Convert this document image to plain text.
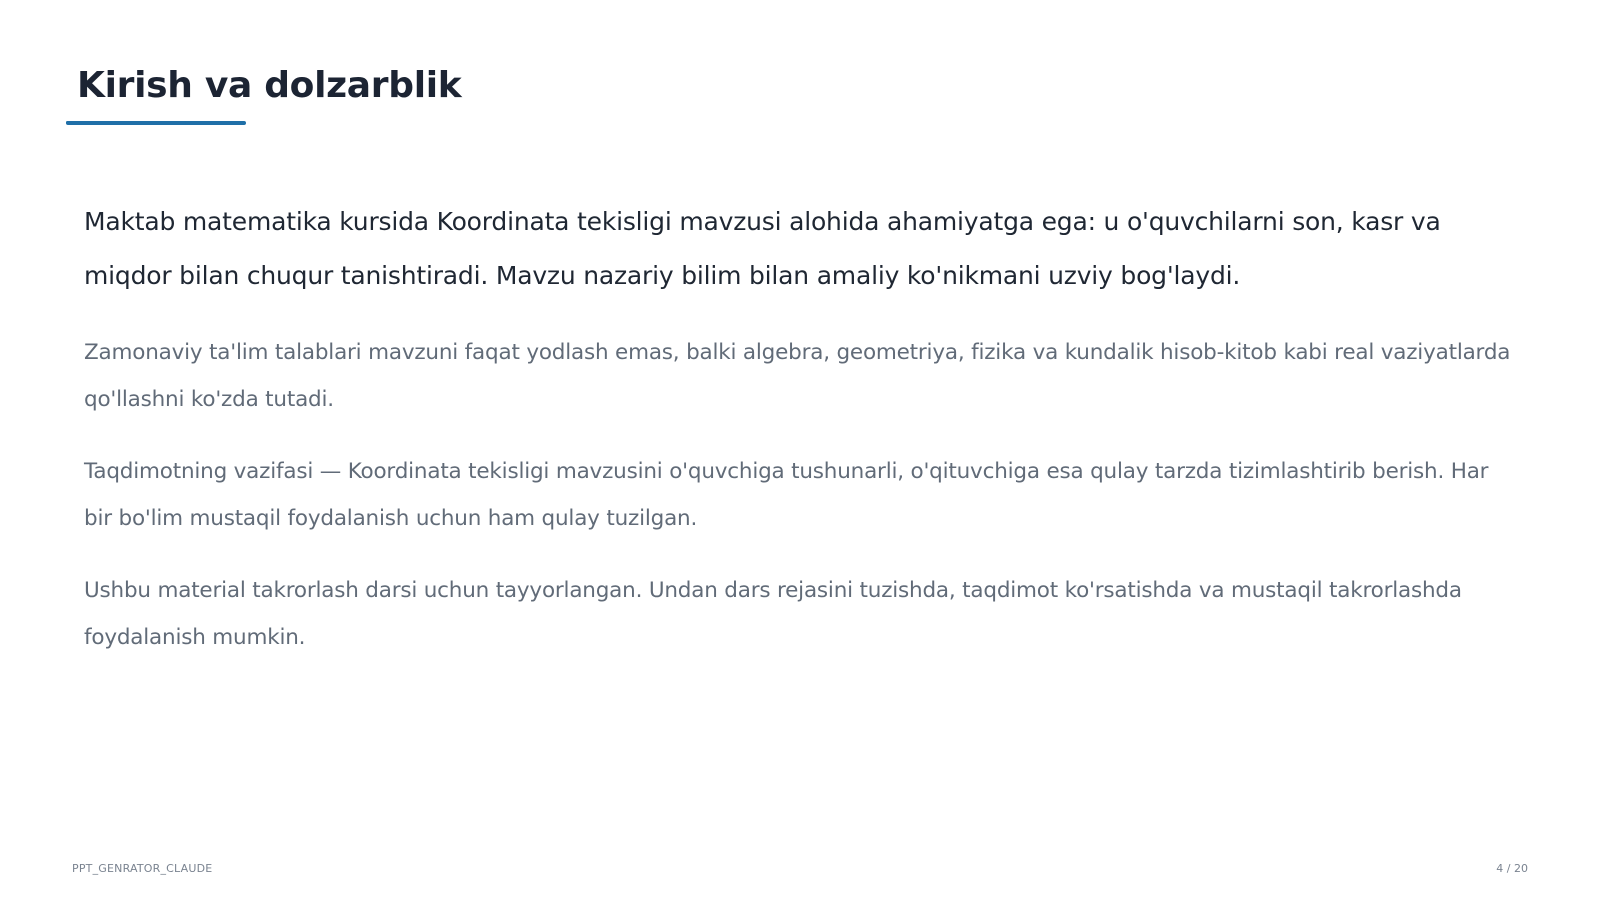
Kirish va dolzarblik

Maktab matematika kursida Koordinata tekisligi mavzusi alohida ahamiyatga ega: u o'quvchilarni son, kasr va miqdor bilan chuqur tanishtiradi. Mavzu nazariy bilim bilan amaliy ko'nikmani uzviy bog'laydi.

Zamonaviy ta'lim talablari mavzuni faqat yodlash emas, balki algebra, geometriya, fizika va kundalik hisob-kitob kabi real vaziyatlarda qo'llashni ko'zda tutadi.

Taqdimotning vazifasi — Koordinata tekisligi mavzusini o'quvchiga tushunarli, o'qituvchiga esa qulay tarzda tizimlashtirib berish. Har bir bo'lim mustaqil foydalanish uchun ham qulay tuzilgan.

Ushbu material takrorlash darsi uchun tayyorlangan. Undan dars rejasini tuzishda, taqdimot ko'rsatishda va mustaqil takrorlashda foydalanish mumkin.

PPT_GENRATOR_CLAUDE	4 / 20
